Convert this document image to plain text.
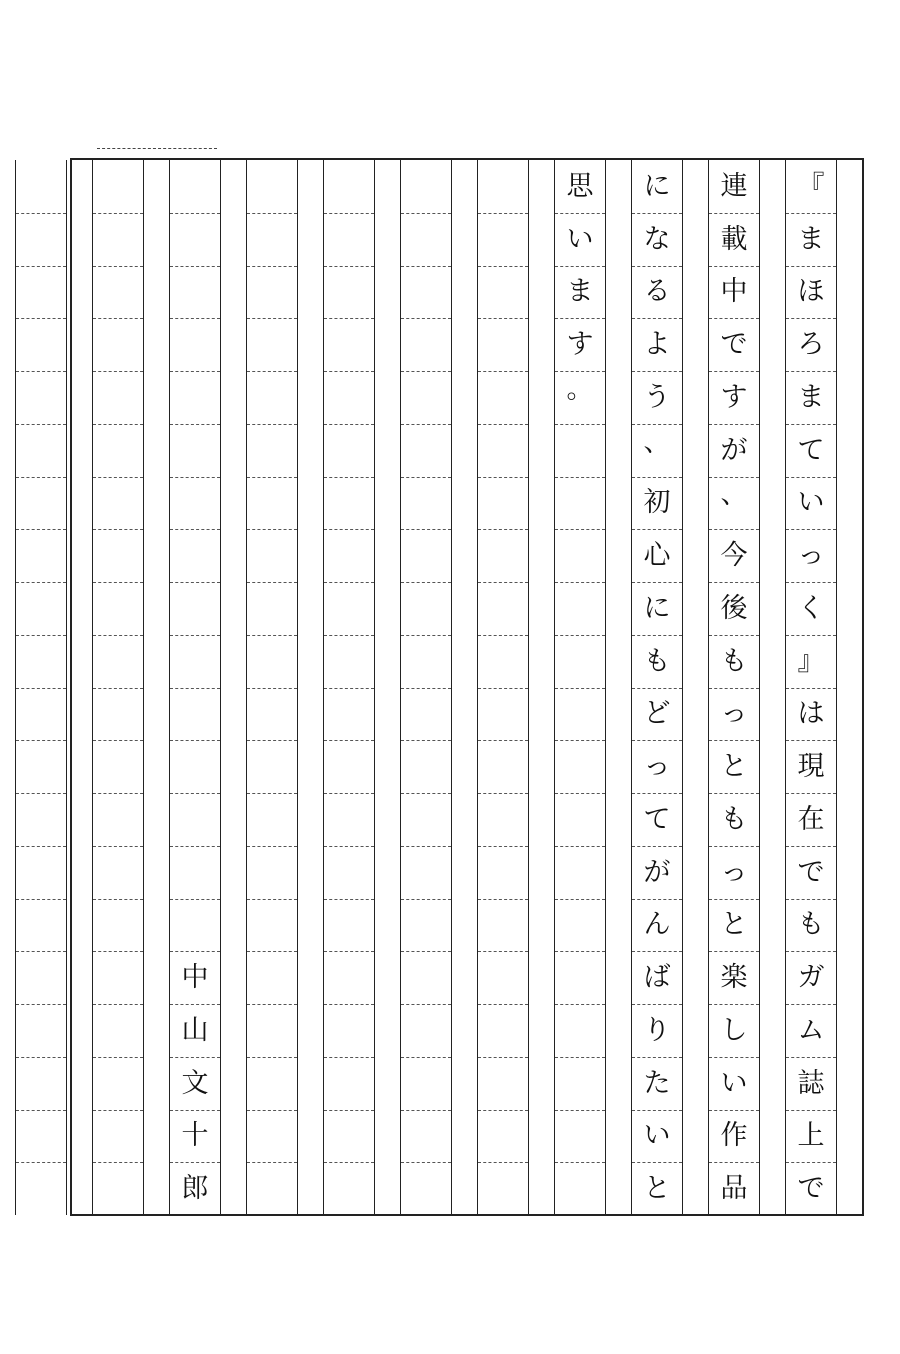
『
ま
ほ
ろ
ま
て
い
っ
く
』
は
現
在
で
も
ガ
ム
誌
上
で
連
載
中
で
す
が
、
今
後
も
っ
と
も
っ
と
楽
し
い
作
品
に
な
る
よ
う
、
初
心
に
も
ど
っ
て
が
ん
ば
り
た
い
と
思
い
ま
す
。
中
山
文
十
郎
